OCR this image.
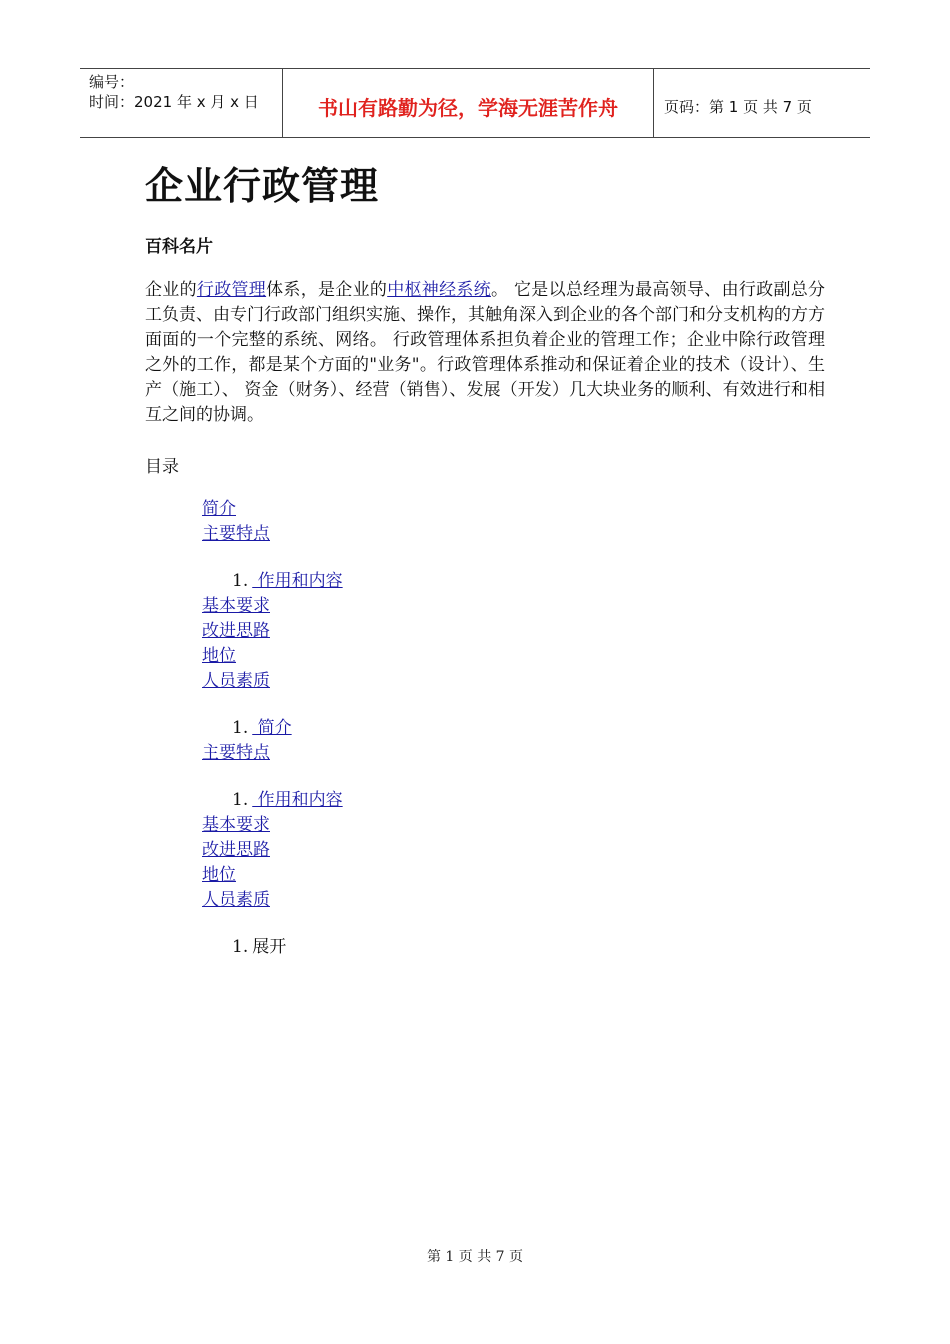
编号：
时间：2021 年 x 月 x 日	书山有路勤为径，学海无涯苦作舟	页码：第 1 页 共 7 页
企业行政管理
百科名片

企业的行政管理体系，是企业的中枢神经系统。 它是以总经理为最高领导、由行政副总分工负责、由专门行政部门组织实施、操作，其触角深入到企业的各个部门和分支机构的方方面面的一个完整的系统、网络。 行政管理体系担负着企业的管理工作；企业中除行政管理之外的工作，都是某个方面的"业务"。行政管理体系推动和保证着企业的技术（设计）、生产（施工）、 资金（财务）、经营（销售）、发展（开发）几大块业务的顺利、有效进行和相互之间的协调。

目录
简介
主要特点
1. 作用和内容
基本要求
改进思路
地位
人员素质
1. 简介
主要特点
1. 作用和内容
基本要求
改进思路
地位
人员素质
1. 展开
第 1 页 共 7 页
